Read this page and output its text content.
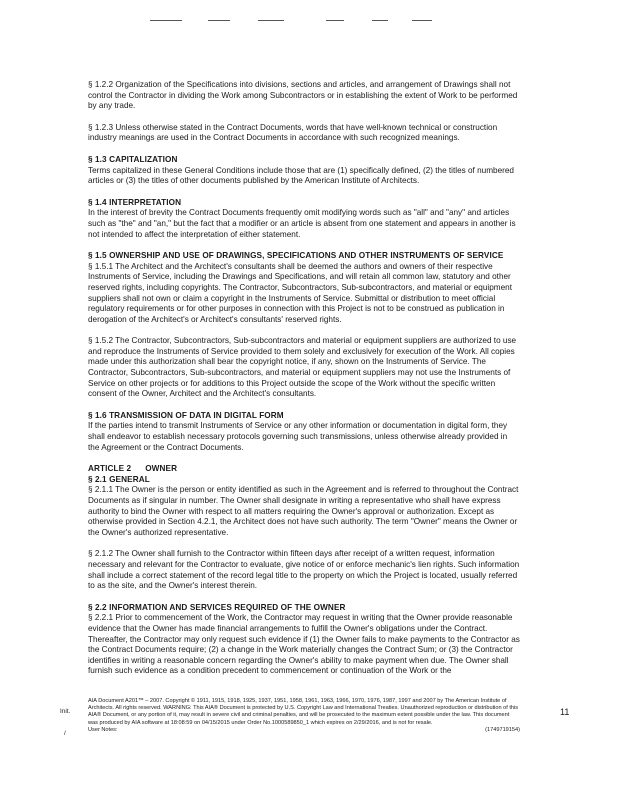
§ 1.2.2 Organization of the Specifications into divisions, sections and articles, and arrangement of Drawings shall not control the Contractor in dividing the Work among Subcontractors or in establishing the extent of Work to be performed by any trade.

§ 1.2.3 Unless otherwise stated in the Contract Documents, words that have well-known technical or construction industry meanings are used in the Contract Documents in accordance with such recognized meanings.

§ 1.3 CAPITALIZATION

Terms capitalized in these General Conditions include those that are (1) specifically defined, (2) the titles of numbered articles or (3) the titles of other documents published by the American Institute of Architects.

§ 1.4 INTERPRETATION

In the interest of brevity the Contract Documents frequently omit modifying words such as "all" and "any" and articles such as "the" and "an," but the fact that a modifier or an article is absent from one statement and appears in another is not intended to affect the interpretation of either statement.

§ 1.5 OWNERSHIP AND USE OF DRAWINGS, SPECIFICATIONS AND OTHER INSTRUMENTS OF SERVICE

§ 1.5.1 The Architect and the Architect's consultants shall be deemed the authors and owners of their respective Instruments of Service, including the Drawings and Specifications, and will retain all common law, statutory and other reserved rights, including copyrights. The Contractor, Subcontractors, Sub-subcontractors, and material or equipment suppliers shall not own or claim a copyright in the Instruments of Service. Submittal or distribution to meet official regulatory requirements or for other purposes in connection with this Project is not to be construed as publication in derogation of the Architect's or Architect's consultants' reserved rights.

§ 1.5.2 The Contractor, Subcontractors, Sub-subcontractors and material or equipment suppliers are authorized to use and reproduce the Instruments of Service provided to them solely and exclusively for execution of the Work. All copies made under this authorization shall bear the copyright notice, if any, shown on the Instruments of Service. The Contractor, Subcontractors, Sub-subcontractors, and material or equipment suppliers may not use the Instruments of Service on other projects or for additions to this Project outside the scope of the Work without the specific written consent of the Owner, Architect and the Architect's consultants.

§ 1.6 TRANSMISSION OF DATA IN DIGITAL FORM

If the parties intend to transmit Instruments of Service or any other information or documentation in digital form, they shall endeavor to establish necessary protocols governing such transmissions, unless otherwise already provided in the Agreement or the Contract Documents.

ARTICLE 2 OWNER

§ 2.1 GENERAL

§ 2.1.1 The Owner is the person or entity identified as such in the Agreement and is referred to throughout the Contract Documents as if singular in number. The Owner shall designate in writing a representative who shall have express authority to bind the Owner with respect to all matters requiring the Owner's approval or authorization. Except as otherwise provided in Section 4.2.1, the Architect does not have such authority. The term "Owner" means the Owner or the Owner's authorized representative.

§ 2.1.2 The Owner shall furnish to the Contractor within fifteen days after receipt of a written request, information necessary and relevant for the Contractor to evaluate, give notice of or enforce mechanic's lien rights. Such information shall include a correct statement of the record legal title to the property on which the Project is located, usually referred to as the site, and the Owner's interest therein.

§ 2.2 INFORMATION AND SERVICES REQUIRED OF THE OWNER

§ 2.2.1 Prior to commencement of the Work, the Contractor may request in writing that the Owner provide reasonable evidence that the Owner has made financial arrangements to fulfill the Owner's obligations under the Contract. Thereafter, the Contractor may only request such evidence if (1) the Owner fails to make payments to the Contractor as the Contract Documents require; (2) a change in the Work materially changes the Contract Sum; or (3) the Contractor identifies in writing a reasonable concern regarding the Owner's ability to make payment when due. The Owner shall furnish such evidence as a condition precedent to commencement or continuation of the Work or the

Init.
/
11

AIA Document A201™ – 2007. Copyright © 1911, 1915, 1918, 1925, 1937, 1951, 1958, 1961, 1963, 1966, 1970, 1976, 1987, 1997 and 2007 by The American Institute of Architects. All rights reserved. WARNING: This AIA® Document is protected by U.S. Copyright Law and International Treaties. Unauthorized reproduction or distribution of this AIA® Document, or any portion of it, may result in severe civil and criminal penalties, and will be prosecuted to the maximum extent possible under the law. This document was produced by AIA software at 18:08:59 on 04/15/2015 under Order No.1000589850_1 which expires on 2/29/2016, and is not for resale.

User Notes:	(1749719154)
